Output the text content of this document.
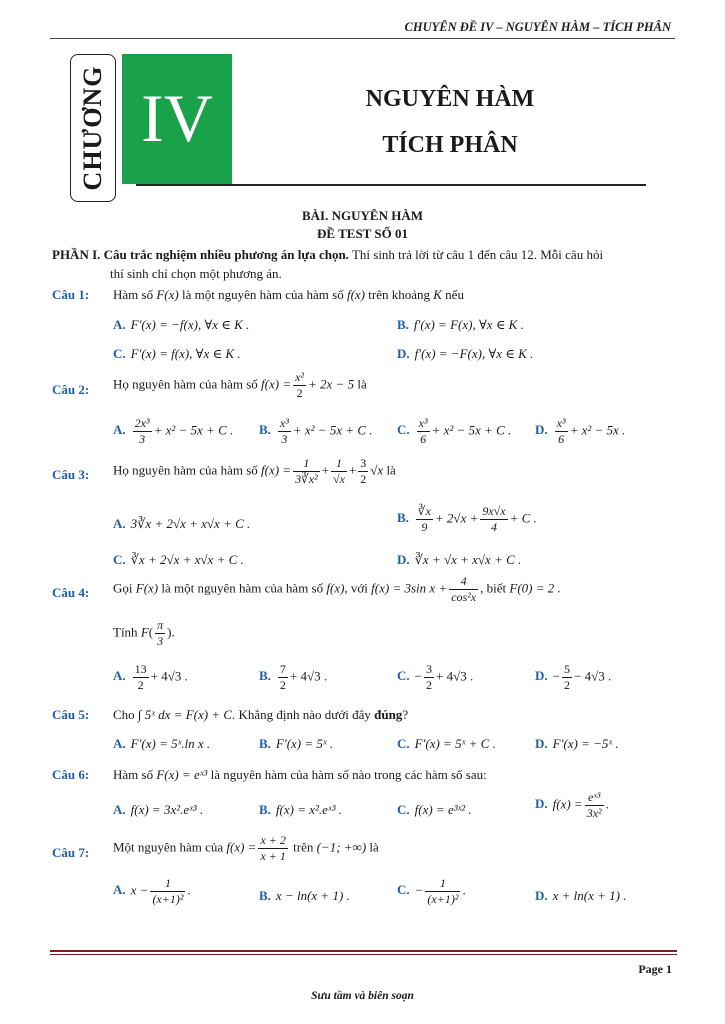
CHUYÊN ĐỀ IV – NGUYÊN HÀM – TÍCH PHÂN
CHƯƠNG IV	NGUYÊN HÀM
TÍCH PHÂN
BÀI. NGUYÊN HÀM
ĐỀ TEST SỐ 01
PHẦN I. Câu trắc nghiệm nhiều phương án lựa chọn. Thí sinh trả lời từ câu 1 đến câu 12. Mỗi câu hỏi
thí sinh chỉ chọn một phương án.
Câu 1: Hàm số F(x) là một nguyên hàm của hàm số f(x) trên khoảng K nếu
A. F′(x) = −f(x), ∀x ∈ K .	B. f′(x) = F(x), ∀x ∈ K .
C. F′(x) = f(x), ∀x ∈ K .	D. f′(x) = −F(x), ∀x ∈ K .
Câu 2: Họ nguyên hàm của hàm số $f(x) = \frac{\text{x²}}{2} + 2x - 5$ là
A. $\frac{\text{2x³}}{3} + x^2 - 5x + C$ . B. $\frac{\text{x³}}{3} + x^2 - 5x + C$ . C. $\frac{\text{x³}}{6} + x^2 - 5x + C$ . D. $\frac{\text{x³}}{6} + x^2 - 5x$ .
Câu 3: Họ nguyên hàm của hàm số $f(x) = \frac{1}{\text{3∛x²}} + \frac{1}{√x} + \frac{3}{2} √x$ là
A. 3∛x + 2√x + x√x + C .	B. $\frac{∛x}{9} + 2√x + \frac{9x√x}{4} + C$ .
C. ∛x + 2√x + x√x + C .	D. ∛x + √x + x√x + C .
Câu 4: Gọi F(x) là một nguyên hàm của hàm số f(x), với f(x) = 3sin $x + \frac{4}{\text{cos²x}}$ , biết F(0) = 2 .
Tính $F( \frac{\pi}{3}$ ).
A. $\frac{13}{2} + 4√3$ .	B. $\frac{7}{2} + 4√3$ .	C. − $\frac{3}{2} + 4√3$ .	D. − $\frac{5}{2} - 4√3$ .
Câu 5: Cho ∫ 5ˣ dx = F(x) + C. Khẳng định nào dưới đây đúng?
A. F′(x) = 5ˣ.ln x .	B. F′(x) = 5ˣ .	C. F′(x) = 5ˣ + C .	D. F′(x) = −5ˣ .
Câu 6: Hàm số F(x) = eˣ³ là nguyên hàm của hàm số nào trong các hàm số sau:
A. f(x) = 3x².eˣ³ .	B. f(x) = x².eˣ³ .	C. f(x) = e³ˣ² .	D. $f(x) = \frac{\text{eˣ³}}{\text{3x²}}$ .
Câu 7: Một nguyên hàm của $f(x) = \frac{x + 2}{x + 1}$ trên (−1; +∞) là
A. $x - \frac{1}{\text{(x+1)²}}$ .	B. x − ln(x + 1) .	C. − $\frac{1}{\text{(x+1)²}}$ .	D. x + ln(x + 1) .
Page 1
Sưu tầm và biên soạn
